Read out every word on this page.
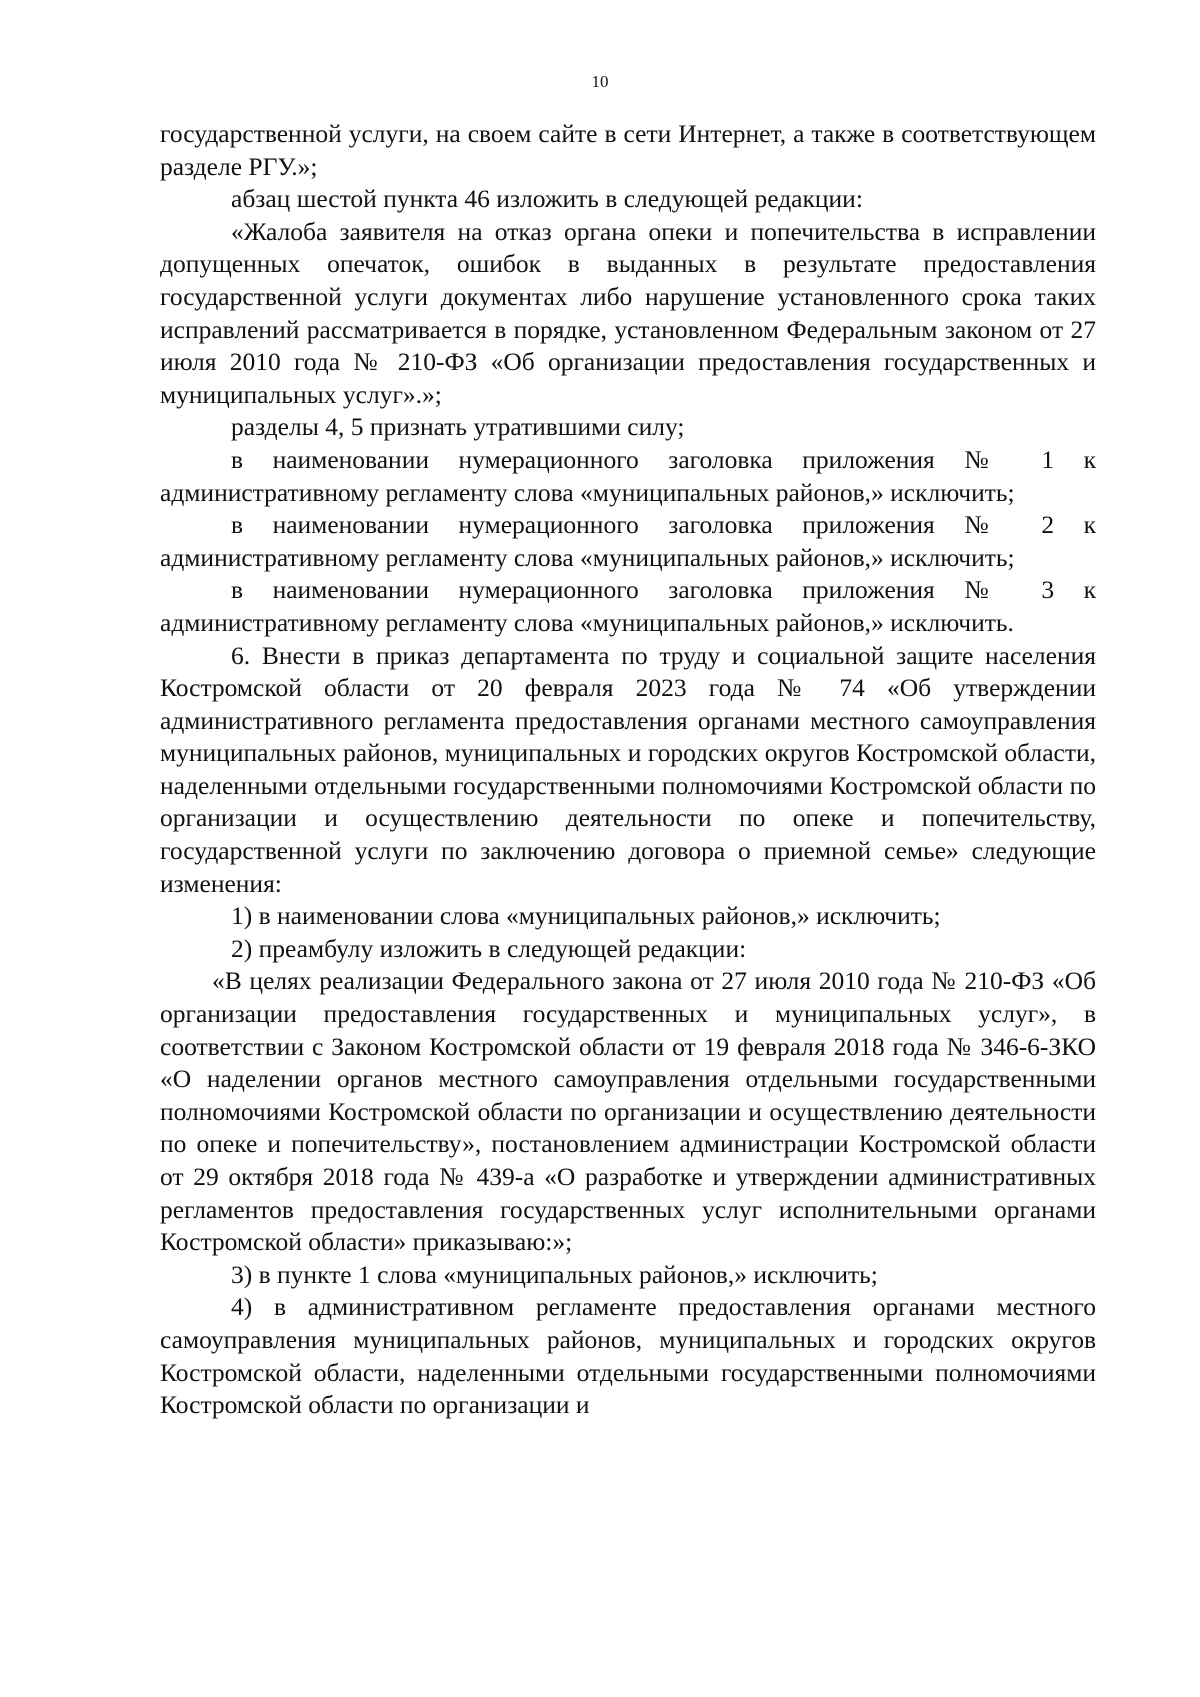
10

государственной услуги, на своем сайте в сети Интернет, а также в соответствующем разделе РГУ.»;

абзац шестой пункта 46 изложить в следующей редакции:

«Жалоба заявителя на отказ органа опеки и попечительства в исправлении допущенных опечаток, ошибок в выданных в результате предоставления государственной услуги документах либо нарушение установленного срока таких исправлений рассматривается в порядке, установленном Федеральным законом от 27 июля 2010 года № 210-ФЗ «Об организации предоставления государственных и муниципальных услуг».»;

разделы 4, 5 признать утратившими силу;

в наименовании нумерационного заголовка приложения № 1 к административному регламенту слова «муниципальных районов,» исключить;

в наименовании нумерационного заголовка приложения № 2 к административному регламенту слова «муниципальных районов,» исключить;

в наименовании нумерационного заголовка приложения № 3 к административному регламенту слова «муниципальных районов,» исключить.

6. Внести в приказ департамента по труду и социальной защите населения Костромской области от 20 февраля 2023 года № 74 «Об утверждении административного регламента предоставления органами местного самоуправления муниципальных районов, муниципальных и городских округов Костромской области, наделенными отдельными государственными полномочиями Костромской области по организации и осуществлению деятельности по опеке и попечительству, государственной услуги по заключению договора о приемной семье» следующие изменения:

1) в наименовании слова «муниципальных районов,» исключить;

2) преамбулу изложить в следующей редакции:

«В целях реализации Федерального закона от 27 июля 2010 года № 210-ФЗ «Об организации предоставления государственных и муниципальных услуг», в соответствии с Законом Костромской области от 19 февраля 2018 года № 346-6-ЗКО «О наделении органов местного самоуправления отдельными государственными полномочиями Костромской области по организации и осуществлению деятельности по опеке и попечительству», постановлением администрации Костромской области от 29 октября 2018 года № 439-а «О разработке и утверждении административных регламентов предоставления государственных услуг исполнительными органами Костромской области» приказываю:»;

3) в пункте 1 слова «муниципальных районов,» исключить;

4) в административном регламенте предоставления органами местного самоуправления муниципальных районов, муниципальных и городских округов Костромской области, наделенными отдельными государственными полномочиями Костромской области по организации и
